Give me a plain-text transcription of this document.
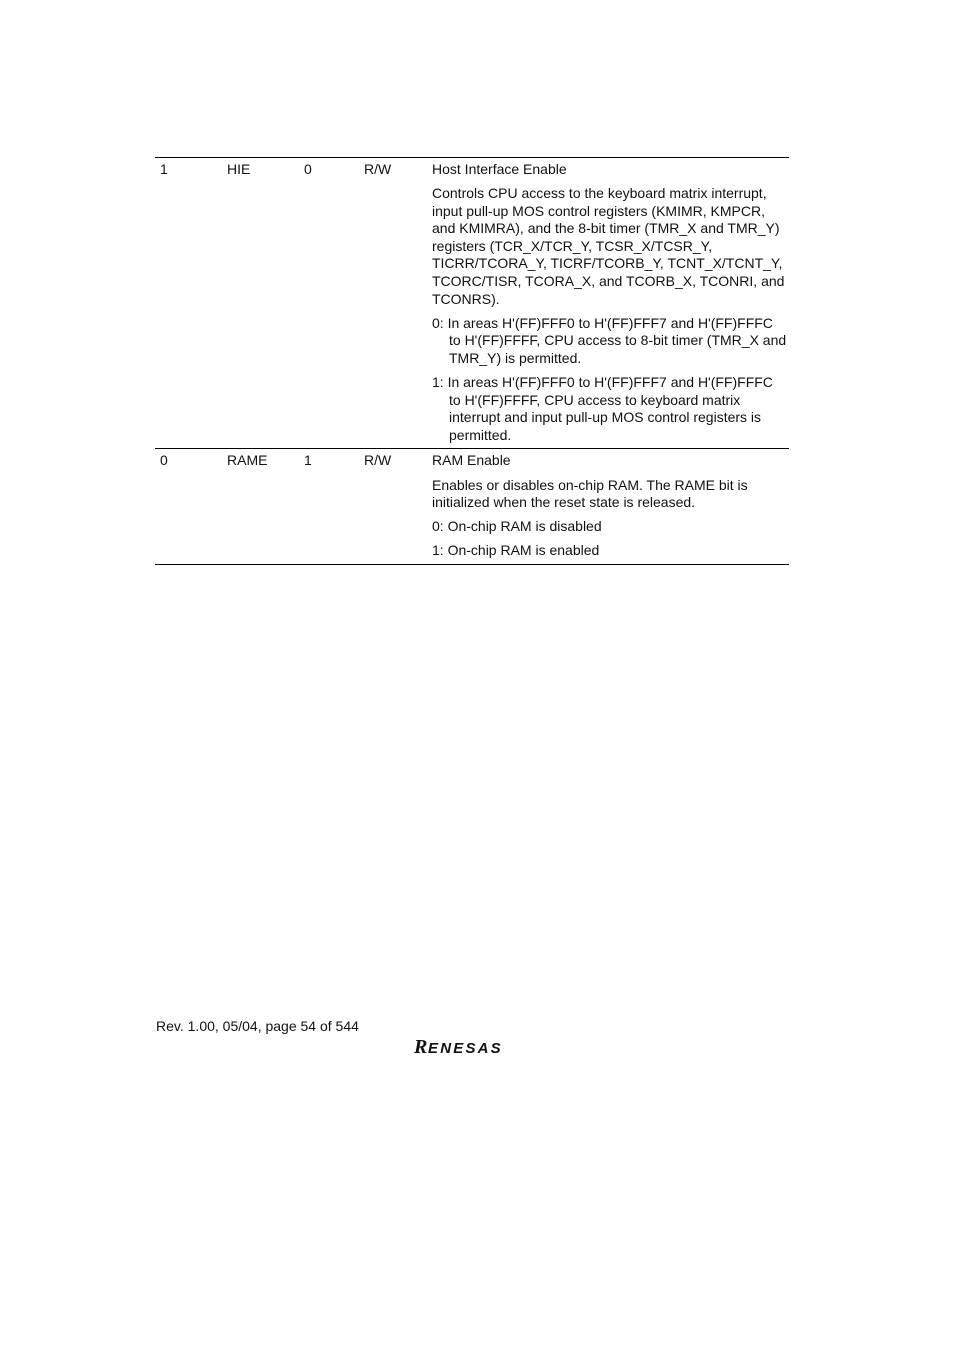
1	HIE	0	R/W	Host Interface Enable

Controls CPU access to the keyboard matrix interrupt, input pull-up MOS control registers (KMIMR, KMPCR, and KMIMRA), and the 8-bit timer (TMR_X and TMR_Y) registers (TCR_X/TCR_Y, TCSR_X/TCSR_Y, TICRR/TCORA_Y, TICRF/TCORB_Y, TCNT_X/TCNT_Y, TCORC/TISR, TCORA_X, and TCORB_X, TCONRI, and TCONRS).

0: In areas H'(FF)FFF0 to H'(FF)FFF7 and H'(FF)FFFC to H'(FF)FFFF, CPU access to 8-bit timer (TMR_X and TMR_Y) is permitted.

1: In areas H'(FF)FFF0 to H'(FF)FFF7 and H'(FF)FFFC to H'(FF)FFFF, CPU access to keyboard matrix interrupt and input pull-up MOS control registers is permitted.

0	RAME	1	R/W	RAM Enable

Enables or disables on-chip RAM. The RAME bit is initialized when the reset state is released.

0: On-chip RAM is disabled

1: On-chip RAM is enabled

Rev. 1.00, 05/04, page 54 of 544
R ENESAS
